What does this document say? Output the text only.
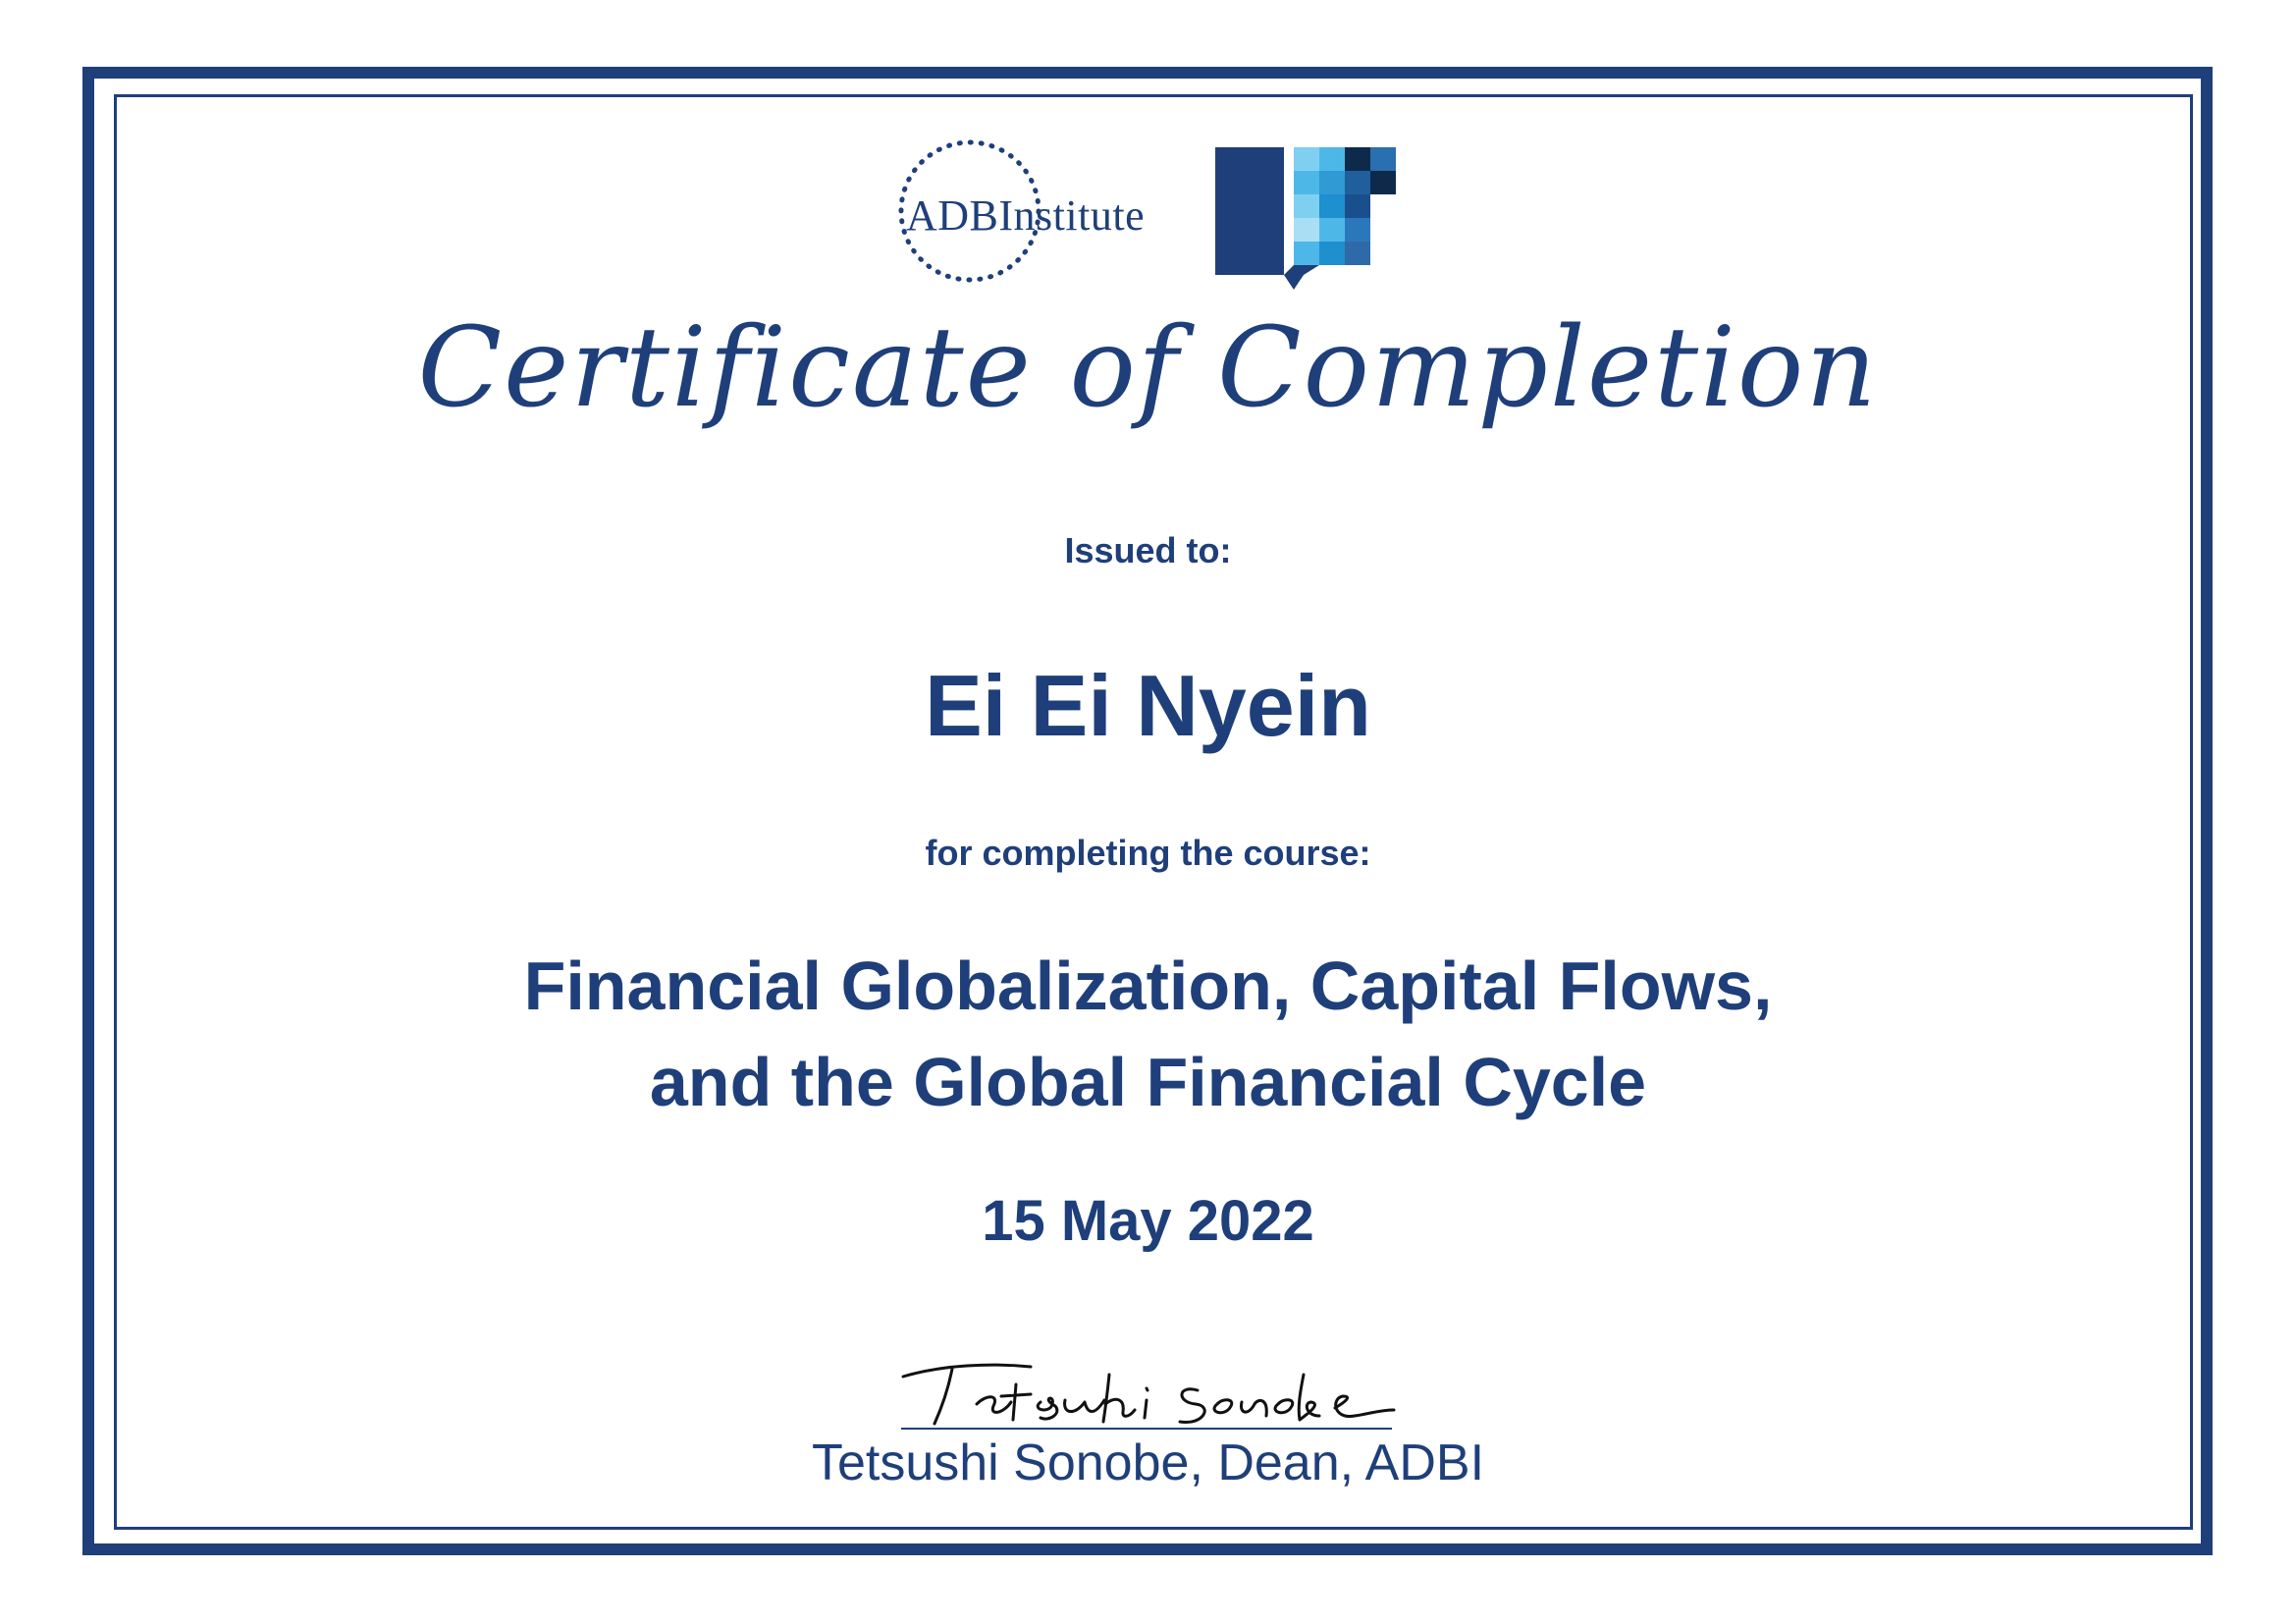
ADBInstitute
Certificate of Completion
Issued to:
Ei Ei Nyein
for completing the course:
Financial Globalization, Capital Flows,
and the Global Financial Cycle
15 May 2022
Tetsushi Sonobe, Dean, ADBI
